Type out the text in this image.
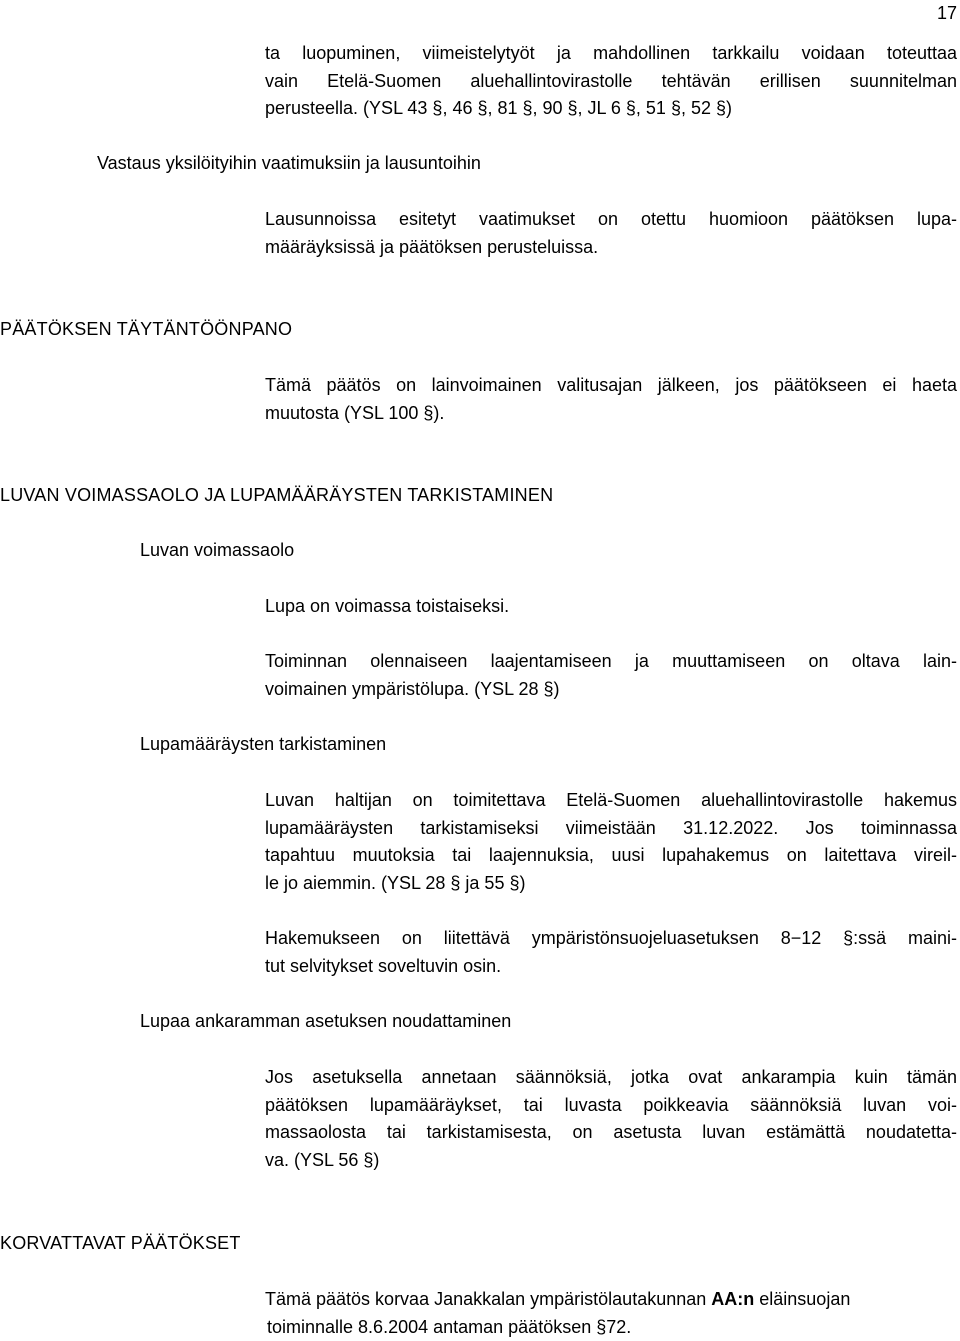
17
ta luopuminen, viimeistelytyöt ja mahdollinen tarkkailu voidaan toteuttaa
vain Etelä-Suomen aluehallintovirastolle tehtävän erillisen suunnitelman
perusteella. (YSL 43 §, 46 §, 81 §, 90 §, JL 6 §, 51 §, 52 §)
Vastaus yksilöityihin vaatimuksiin ja lausuntoihin
Lausunnoissa esitetyt vaatimukset on otettu huomioon päätöksen lupa-
määräyksissä ja päätöksen perusteluissa.
PÄÄTÖKSEN TÄYTÄNTÖÖNPANO
Tämä päätös on lainvoimainen valitusajan jälkeen, jos päätökseen ei haeta
muutosta (YSL 100 §).
LUVAN VOIMASSAOLO JA LUPAMÄÄRÄYSTEN TARKISTAMINEN
Luvan voimassaolo
Lupa on voimassa toistaiseksi.
Toiminnan olennaiseen laajentamiseen ja muuttamiseen on oltava lain-
voimainen ympäristölupa. (YSL 28 §)
Lupamääräysten tarkistaminen
Luvan haltijan on toimitettava Etelä-Suomen aluehallintovirastolle hakemus
lupamääräysten tarkistamiseksi viimeistään 31.12.2022. Jos toiminnassa
tapahtuu muutoksia tai laajennuksia, uusi lupahakemus on laitettava vireil-
le jo aiemmin. (YSL 28 § ja 55 §)
Hakemukseen on liitettävä ympäristönsuojeluasetuksen 8−12 §:ssä maini-
tut selvitykset soveltuvin osin.
Lupaa ankaramman asetuksen noudattaminen
Jos asetuksella annetaan säännöksiä, jotka ovat ankarampia kuin tämän
päätöksen lupamääräykset, tai luvasta poikkeavia säännöksiä luvan voi-
massaolosta tai tarkistamisesta, on asetusta luvan estämättä noudatetta-
va. (YSL 56 §)
KORVATTAVAT PÄÄTÖKSET
Tämä päätös korvaa Janakkalan ympäristölautakunnan AA:n eläinsuojan
toiminnalle 8.6.2004 antaman päätöksen §72.
